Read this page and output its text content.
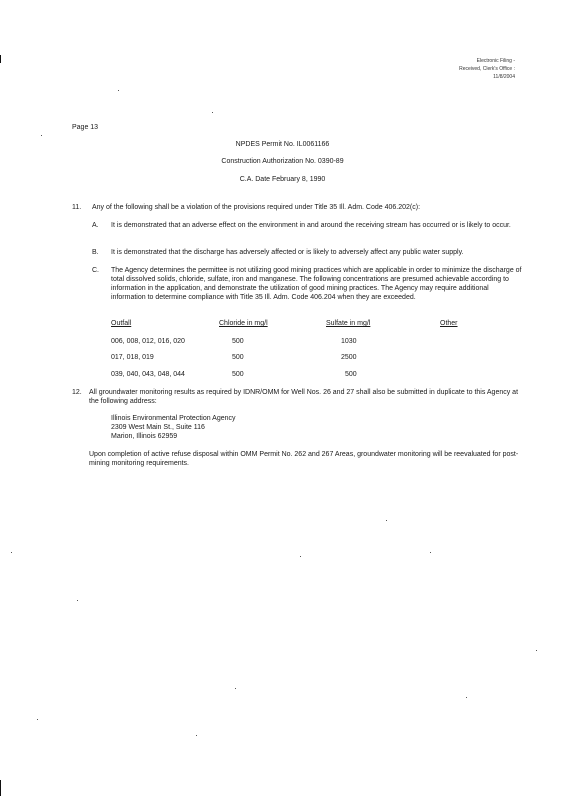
Electronic Filing -
Received, Clerk's Office :
11/8/2004
Page 13
NPDES Permit No. IL0061166
Construction Authorization No. 0390-89
C.A. Date February 8, 1990
11. Any of the following shall be a violation of the provisions required under Title 35 Ill. Adm. Code 406.202(c):
A. It is demonstrated that an adverse effect on the environment in and around the receiving stream has occurred or is likely to occur.
B. It is demonstrated that the discharge has adversely affected or is likely to adversely affect any public water supply.
C. The Agency determines the permittee is not utilizing good mining practices which are applicable in order to minimize the discharge of total dissolved solids, chloride, sulfate, iron and manganese. The following concentrations are presumed achievable according to information in the application, and demonstrate the utilization of good mining practices. The Agency may require additional information to determine compliance with Title 35 Ill. Adm. Code 406.204 when they are exceeded.
Outfall	Chloride in mg/l	Sulfate in mg/l	Other
006, 008, 012, 016, 020	500	1030
017, 018, 019	500	2500
039, 040, 043, 048, 044	500	500
12. All groundwater monitoring results as required by IDNR/OMM for Well Nos. 26 and 27 shall also be submitted in duplicate to this Agency at the following address:
Illinois Environmental Protection Agency
2309 West Main St., Suite 116
Marion, Illinois 62959
Upon completion of active refuse disposal within OMM Permit No. 262 and 267 Areas, groundwater monitoring will be reevaluated for post-mining monitoring requirements.
